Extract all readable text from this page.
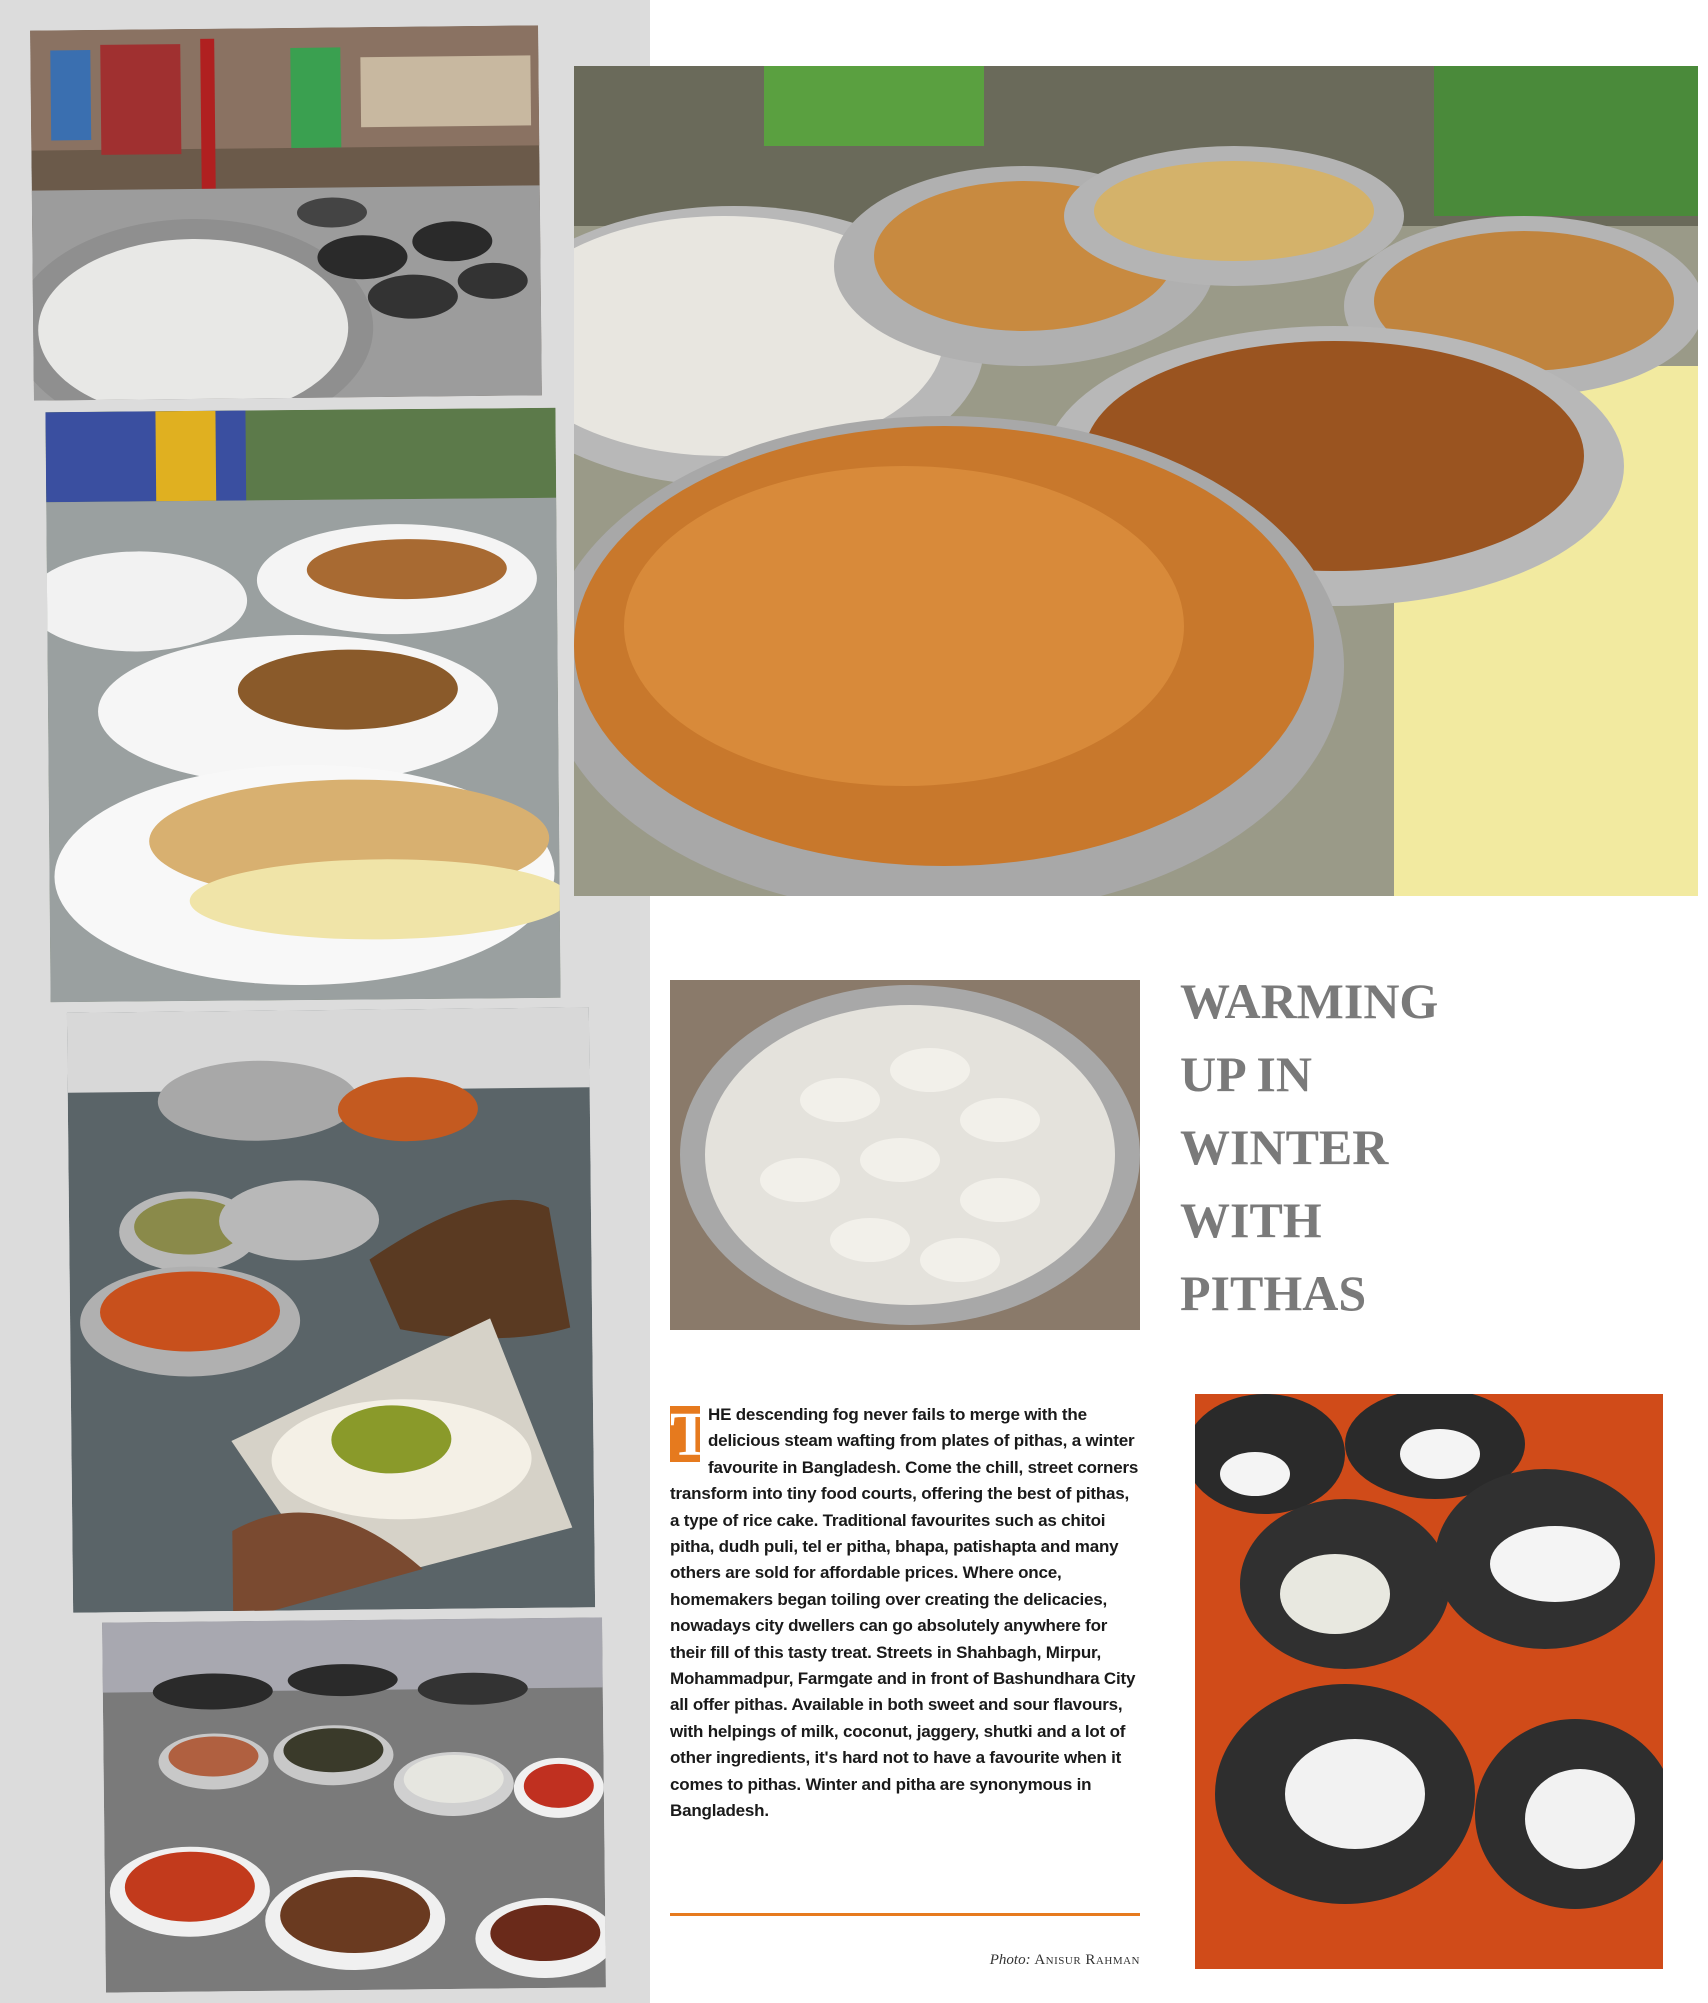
WARMING
UP IN
WINTER
WITH
PITHAS
T
HE descending fog never fails to merge with the delicious steam wafting from plates of pithas, a winter favourite in Bangladesh. Come the chill, street corners transform into tiny food courts, offering the best of pithas, a type of rice cake. Traditional favourites such as chitoi pitha, dudh puli, tel er pitha, bhapa, patishapta and many others are sold for affordable prices. Where once, homemakers began toiling over creating the delicacies, nowadays city dwellers can go absolutely anywhere for their fill of this tasty treat. Streets in Shahbagh, Mirpur, Mohammadpur, Farmgate and in front of Bashundhara City all offer pithas. Available in both sweet and sour flavours, with helpings of milk, coconut, jaggery, shutki and a lot of other ingredients, it's hard not to have a favourite when it comes to pithas. Winter and pitha are synonymous in Bangladesh.
Photo: Anisur Rahman
